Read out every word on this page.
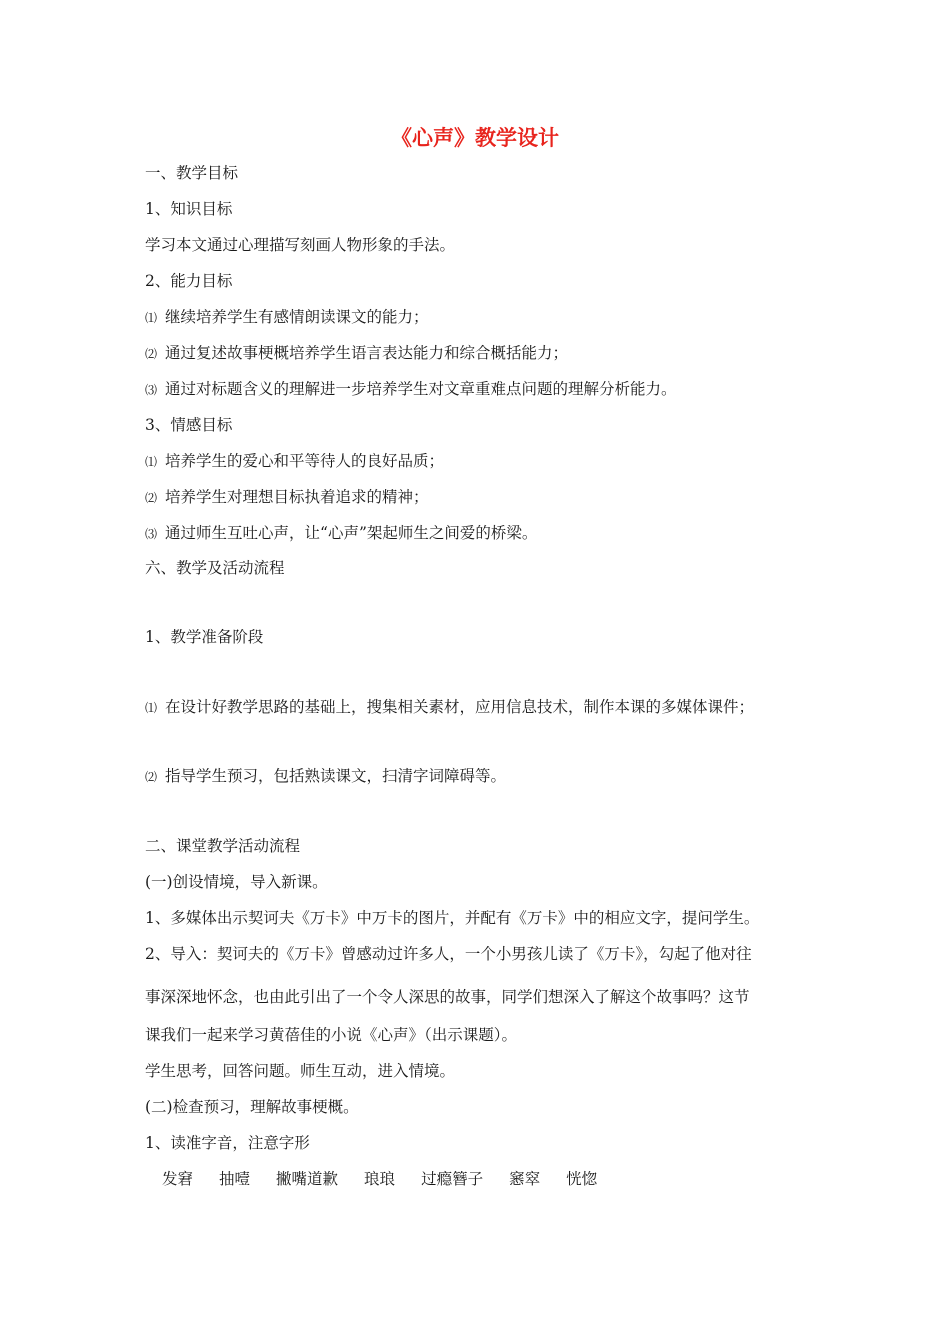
《心声》教学设计
一、教学目标
1、知识目标
学习本文通过心理描写刻画人物形象的手法。
2、能力目标
⑴ 继续培养学生有感情朗读课文的能力；
⑵ 通过复述故事梗概培养学生语言表达能力和综合概括能力；
⑶ 通过对标题含义的理解进一步培养学生对文章重难点问题的理解分析能力。
3、情感目标
⑴ 培养学生的爱心和平等待人的良好品质；
⑵ 培养学生对理想目标执着追求的精神；
⑶ 通过师生互吐心声，让“心声”架起师生之间爱的桥梁。
六、教学及活动流程
1、教学准备阶段
⑴ 在设计好教学思路的基础上，搜集相关素材，应用信息技术，制作本课的多媒体课件；
⑵ 指导学生预习，包括熟读课文，扫清字词障碍等。
二、课堂教学活动流程
(一)创设情境，导入新课。
1、多媒体出示契诃夫《万卡》中万卡的图片，并配有《万卡》中的相应文字，提问学生。
2、导入：契诃夫的《万卡》曾感动过许多人，一个小男孩儿读了《万卡》，勾起了他对往
事深深地怀念，也由此引出了一个令人深思的故事，同学们想深入了解这个故事吗？这节
课我们一起来学习黄蓓佳的小说《心声》（出示课题）。
学生思考，回答问题。师生互动，进入情境。
(二)检查预习，理解故事梗概。
1、读准字音，注意字形
发窘 抽噎 撇嘴道歉 琅琅 过瘾簪子 窸窣 恍惚
